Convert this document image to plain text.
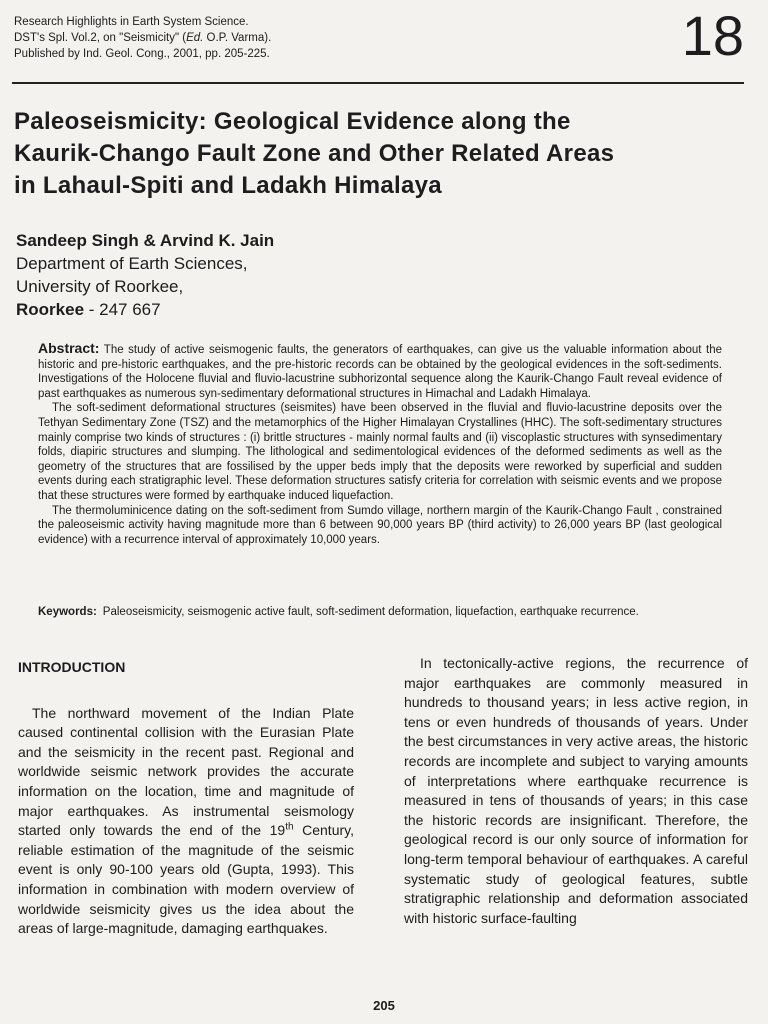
Research Highlights in Earth System Science.
DST's Spl. Vol.2, on "Seismicity" (Ed. O.P. Varma).
Published by Ind. Geol. Cong., 2001, pp. 205-225.	18
Paleoseismicity: Geological Evidence along the
Kaurik-Chango Fault Zone and Other Related Areas
in Lahaul-Spiti and Ladakh Himalaya
Sandeep Singh & Arvind K. Jain
Department of Earth Sciences,
University of Roorkee,
Roorkee - 247 667

Abstract: The study of active seismogenic faults, the generators of earthquakes, can give us the valuable information about the historic and pre-historic earthquakes, and the pre-historic records can be obtained by the geological evidences in the soft-sediments. Investigations of the Holocene fluvial and fluvio-lacustrine subhorizontal sequence along the Kaurik-Chango Fault reveal evidence of past earthquakes as numerous syn-sedimentary deformational structures in Himachal and Ladakh Himalaya.

The soft-sediment deformational structures (seismites) have been observed in the fluvial and fluvio-lacustrine deposits over the Tethyan Sedimentary Zone (TSZ) and the metamorphics of the Higher Himalayan Crystallines (HHC). The soft-sedimentary structures mainly comprise two kinds of structures : (i) brittle structures - mainly normal faults and (ii) viscoplastic structures with synsedimentary folds, diapiric structures and slumping. The lithological and sedimentological evidences of the deformed sediments as well as the geometry of the structures that are fossilised by the upper beds imply that the deposits were reworked by superficial and sudden events during each stratigraphic level. These deformation structures satisfy criteria for correlation with seismic events and we propose that these structures were formed by earthquake induced liquefaction.

The thermoluminicence dating on the soft-sediment from Sumdo village, northern margin of the Kaurik-Chango Fault , constrained the paleoseismic activity having magnitude more than 6 between 90,000 years BP (third activity) to 26,000 years BP (last geological evidence) with a recurrence interval of approximately 10,000 years.

Keywords: Paleoseismicity, seismogenic active fault, soft-sediment deformation, liquefaction, earthquake recurrence.
INTRODUCTION

The northward movement of the Indian Plate caused continental collision with the Eurasian Plate and the seismicity in the recent past. Regional and worldwide seismic network provides the accurate information on the location, time and magnitude of major earthquakes. As instrumental seismology started only towards the end of the 19th Century, reliable estimation of the magnitude of the seismic event is only 90-100 years old (Gupta, 1993). This information in combination with modern overview of worldwide seismicity gives us the idea about the areas of large-magnitude, damaging earthquakes.

In tectonically-active regions, the recurrence of major earthquakes are commonly measured in hundreds to thousand years; in less active region, in tens or even hundreds of thousands of years. Under the best circumstances in very active areas, the historic records are incomplete and subject to varying amounts of interpretations where earthquake recurrence is measured in tens of thousands of years; in this case the historic records are insignificant. Therefore, the geological record is our only source of information for long-term temporal behaviour of earthquakes. A careful systematic study of geological features, subtle stratigraphic relationship and deformation associated with historic surface-faulting

205
